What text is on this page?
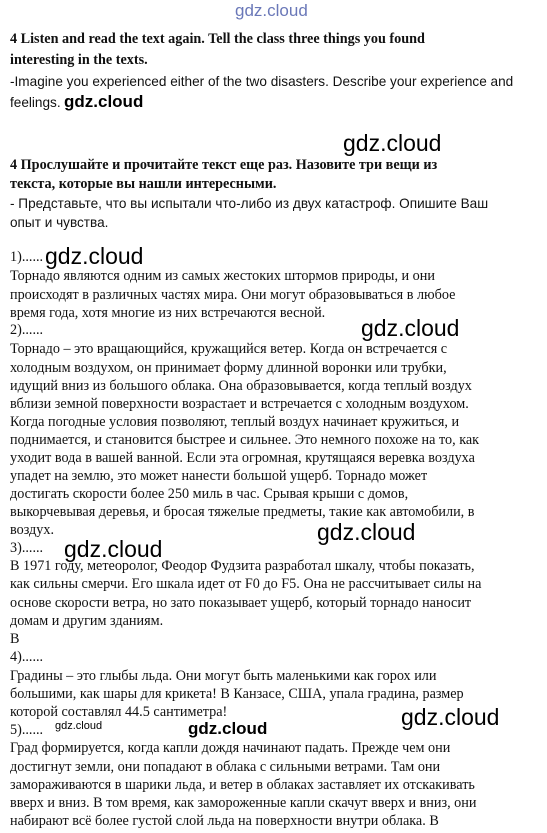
4 Listen and read the text again. Tell the class three things you found
interesting in the texts.
-Imagine you experienced either of the two disasters. Describe your experience and
feelings.
4 Прослушайте и прочитайте текст еще раз. Назовите три вещи из
текста, которые вы нашли интересными.
- Представьте, что вы испытали что-либо из двух катастроф. Опишите Ваш
опыт и чувства.
1)......
Торнадо являются одним из самых жестоких штормов природы, и они
происходят в различных частях мира. Они могут образовываться в любое
время года, хотя многие из них встречаются весной.
2)......
Торнадо – это вращающийся, кружащийся ветер. Когда он встречается с
холодным воздухом, он принимает форму длинной воронки или трубки,
идущий вниз из большого облака. Она образовывается, когда теплый воздух
вблизи земной поверхности возрастает и встречается с холодным воздухом.
Когда погодные условия позволяют, теплый воздух начинает кружиться, и
поднимается, и становится быстрее и сильнее. Это немного похоже на то, как
уходит вода в вашей ванной. Если эта огромная, крутящаяся веревка воздуха
упадет на землю, это может нанести большой ущерб. Торнадо может
достигать скорости более 250 миль в час. Срывая крыши с домов,
выкорчевывая деревья, и бросая тяжелые предметы, такие как автомобили, в
воздух.
3)......
В 1971 году, метеоролог, Феодор Фудзита разработал шкалу, чтобы показать,
как сильны смерчи. Его шкала идет от F0 до F5. Она не рассчитывает силы на
основе скорости ветра, но зато показывает ущерб, который торнадо наносит
домам и другим зданиям.
В
4)......
Градины – это глыбы льда. Они могут быть маленькими как горох или
большими, как шары для крикета! В Канзасе, США, упала градина, размер
которой составлял 44.5 сантиметра!
5)......
Град формируется, когда капли дождя начинают падать. Прежде чем они
достигнут земли, они попадают в облака с сильными ветрами. Там они
замораживаются в шарики льда, и ветер в облаках заставляет их отскакивать
вверх и вниз. В том время, как замороженные капли скачут вверх и вниз, они
набирают всё более густой слой льда на поверхности внутри облака. В
gdz.cloud
gdz.cloud
gdz.cloud
gdz.cloud
gdz.cloud
gdz.cloud
gdz.cloud
gdz.cloud
gdz.cloud
gdz.cloud
